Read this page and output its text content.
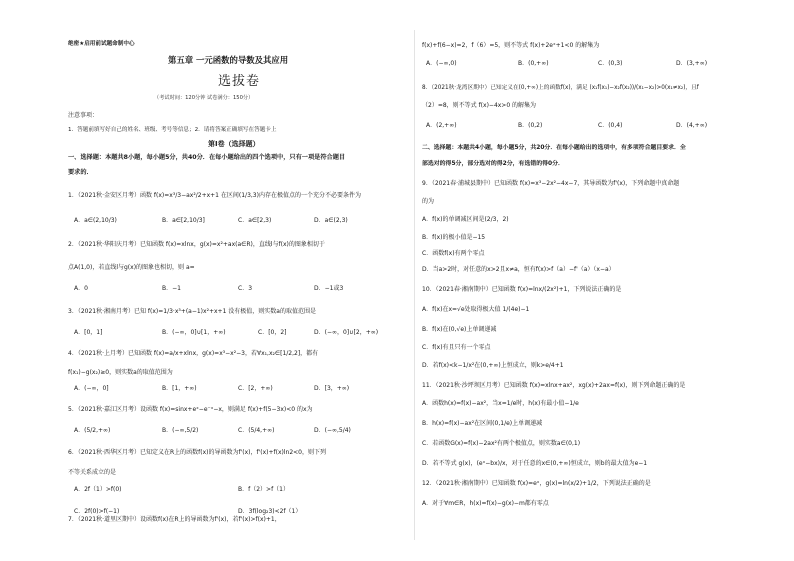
绝密★启用前试题命制中心
第五章 一元函数的导数及其应用
选拔卷
（考试时间：120分钟 试卷满分：150分）
注意事项：
1．答题前填写好自己的姓名、班级、考号等信息；2．请将答案正确填写在答题卡上
第Ⅰ卷（选择题）
一、选择题：本题共8小题，每小题5分，共40分．在每小题给出的四个选项中，只有一项是符合题目
要求的．
1．（2021秋·金安区月考）函数 f(x)=x³/3−ax²/2+x+1 在区间(1/3,3)内存在极值点的一个充分不必要条件为
A．a∈(2,10/3)	B．a∈[2,10/3]	C．a∈[2,3)	D．a∈(2,3)
2．（2021秋·华阳庆月考）已知函数 f(x)=xlnx，g(x)=x²+ax(a∈R)，直线l与f(x)的图象相切于
点A(1,0)，若直线l与g(x)的图象也相切，则 a=
A．0	B．−1	C．3	D．−1或3
3．（2021秋·湘南月考）已知 f(x)=1/3·x³+(a−1)x²+x+1 没有极值，则实数a的取值范围是
A．[0，1]	B．(−∞，0]∪[1，+∞)	C．[0，2]	D．(−∞，0]∪[2，+∞)
4．（2021秋·上月考）已知函数 f(x)=a/x+xlnx，g(x)=x³−x²−3，若∀x₁,x₂∈[1/2,2]，都有
f(x₁)−g(x₂)≥0，则实数a的取值范围为
A．(−∞，0]	B．[1，+∞)	C．[2，+∞)	D．[3，+∞)
5．（2021秋·嘉江区月考）设函数 f(x)=sinx+eˣ−e⁻ˣ−x，则满足 f(x)+f(5−3x)<0 的x为
A．(5/2,+∞)	B．(−∞,5/2)	C．(5/4,+∞)	D．(−∞,5/4)
6．（2021秋·西华区月考）已知定义在R上的函数f(x)的导函数为f'(x)，f'(x)+f(x)ln2<0，则下列
不等关系成立的是
A．2f（1）>f(0)	B．f（2）>f（1）
C．2f(0)>f(−1)	D．3f(log₂3)<2f（1）
7．（2021秋·道里区期中）设函数f(x)在R上的导函数为f'(x)，若f'(x)>f(x)+1，
f(x)+f(6−x)=2，f（6）=5，则不等式 f(x)+2eˣ+1<0 的解集为
A．(−∞,0)	B．(0,+∞)	C．(0,3)	D．(3,+∞)
8．（2021秋·龙湾区期中）已知定义在(0,+∞)上的函数f(x)，满足 (x₁f(x₁)−x₂f(x₂))/(x₁−x₂)>0(x₁≠x₂)，且f
（2）=8，则不等式 f(x)−4x>0 的解集为
A．(2,+∞)	B．(0,2)	C．(0,4)	D．(4,+∞)
二、选择题：本题共4小题，每小题5分，共20分．在每小题给出的选项中，有多项符合题目要求．全
部选对的得5分，部分选对的得2分，有选错的得0分．
9．（2021春·浦城县期中）已知函数 f(x)=x³−2x²−4x−7，其导函数为f'(x)，下列命题中真命题
的为
A．f(x)的单调减区间是(2/3，2)
B．f(x)的极小值是−15
C．函数f(x)有两个零点
D．当a>2时，对任意的x>2且x≠a，恒有f(x)>f（a）−f'（a）（x−a）
10．（2021春·湘南期中）已知函数 f(x)=lnx/(2x²)+1，下列说法正确的是
A．f(x)在x=√e处取得极大值 1/(4e)−1
B．f(x)在(0,√e)上单调递减
C．f(x)有且只有一个零点
D．若f(x)<k−1/x²在(0,+∞)上恒成立，则k>e/4+1
11．（2021秋·沙坪坝区月考）已知函数 f(x)=xlnx+ax²，xg(x)+2ax=f(x)，则下列命题正确的是
A．函数h(x)=f(x)−ax²，当x=1/e时，h(x)有最小值−1/e
B．h(x)=f(x)−ax²在区间(0,1/e)上单调递减
C．若函数G(x)=f(x)−2ax²有两个极值点，则实数a∈(0,1)
D．若不等式 g(x)，(eˣ−bx)/x，对于任意的x∈(0,+∞)恒成立，则b的最大值为e−1
12．（2021秋·湘南期中）已知函数 f(x)=eˣ，g(x)=ln(x/2)+1/2，下列说法正确的是
A．对于∀m∈R，h(x)=f(x)−g(x)−m都有零点
